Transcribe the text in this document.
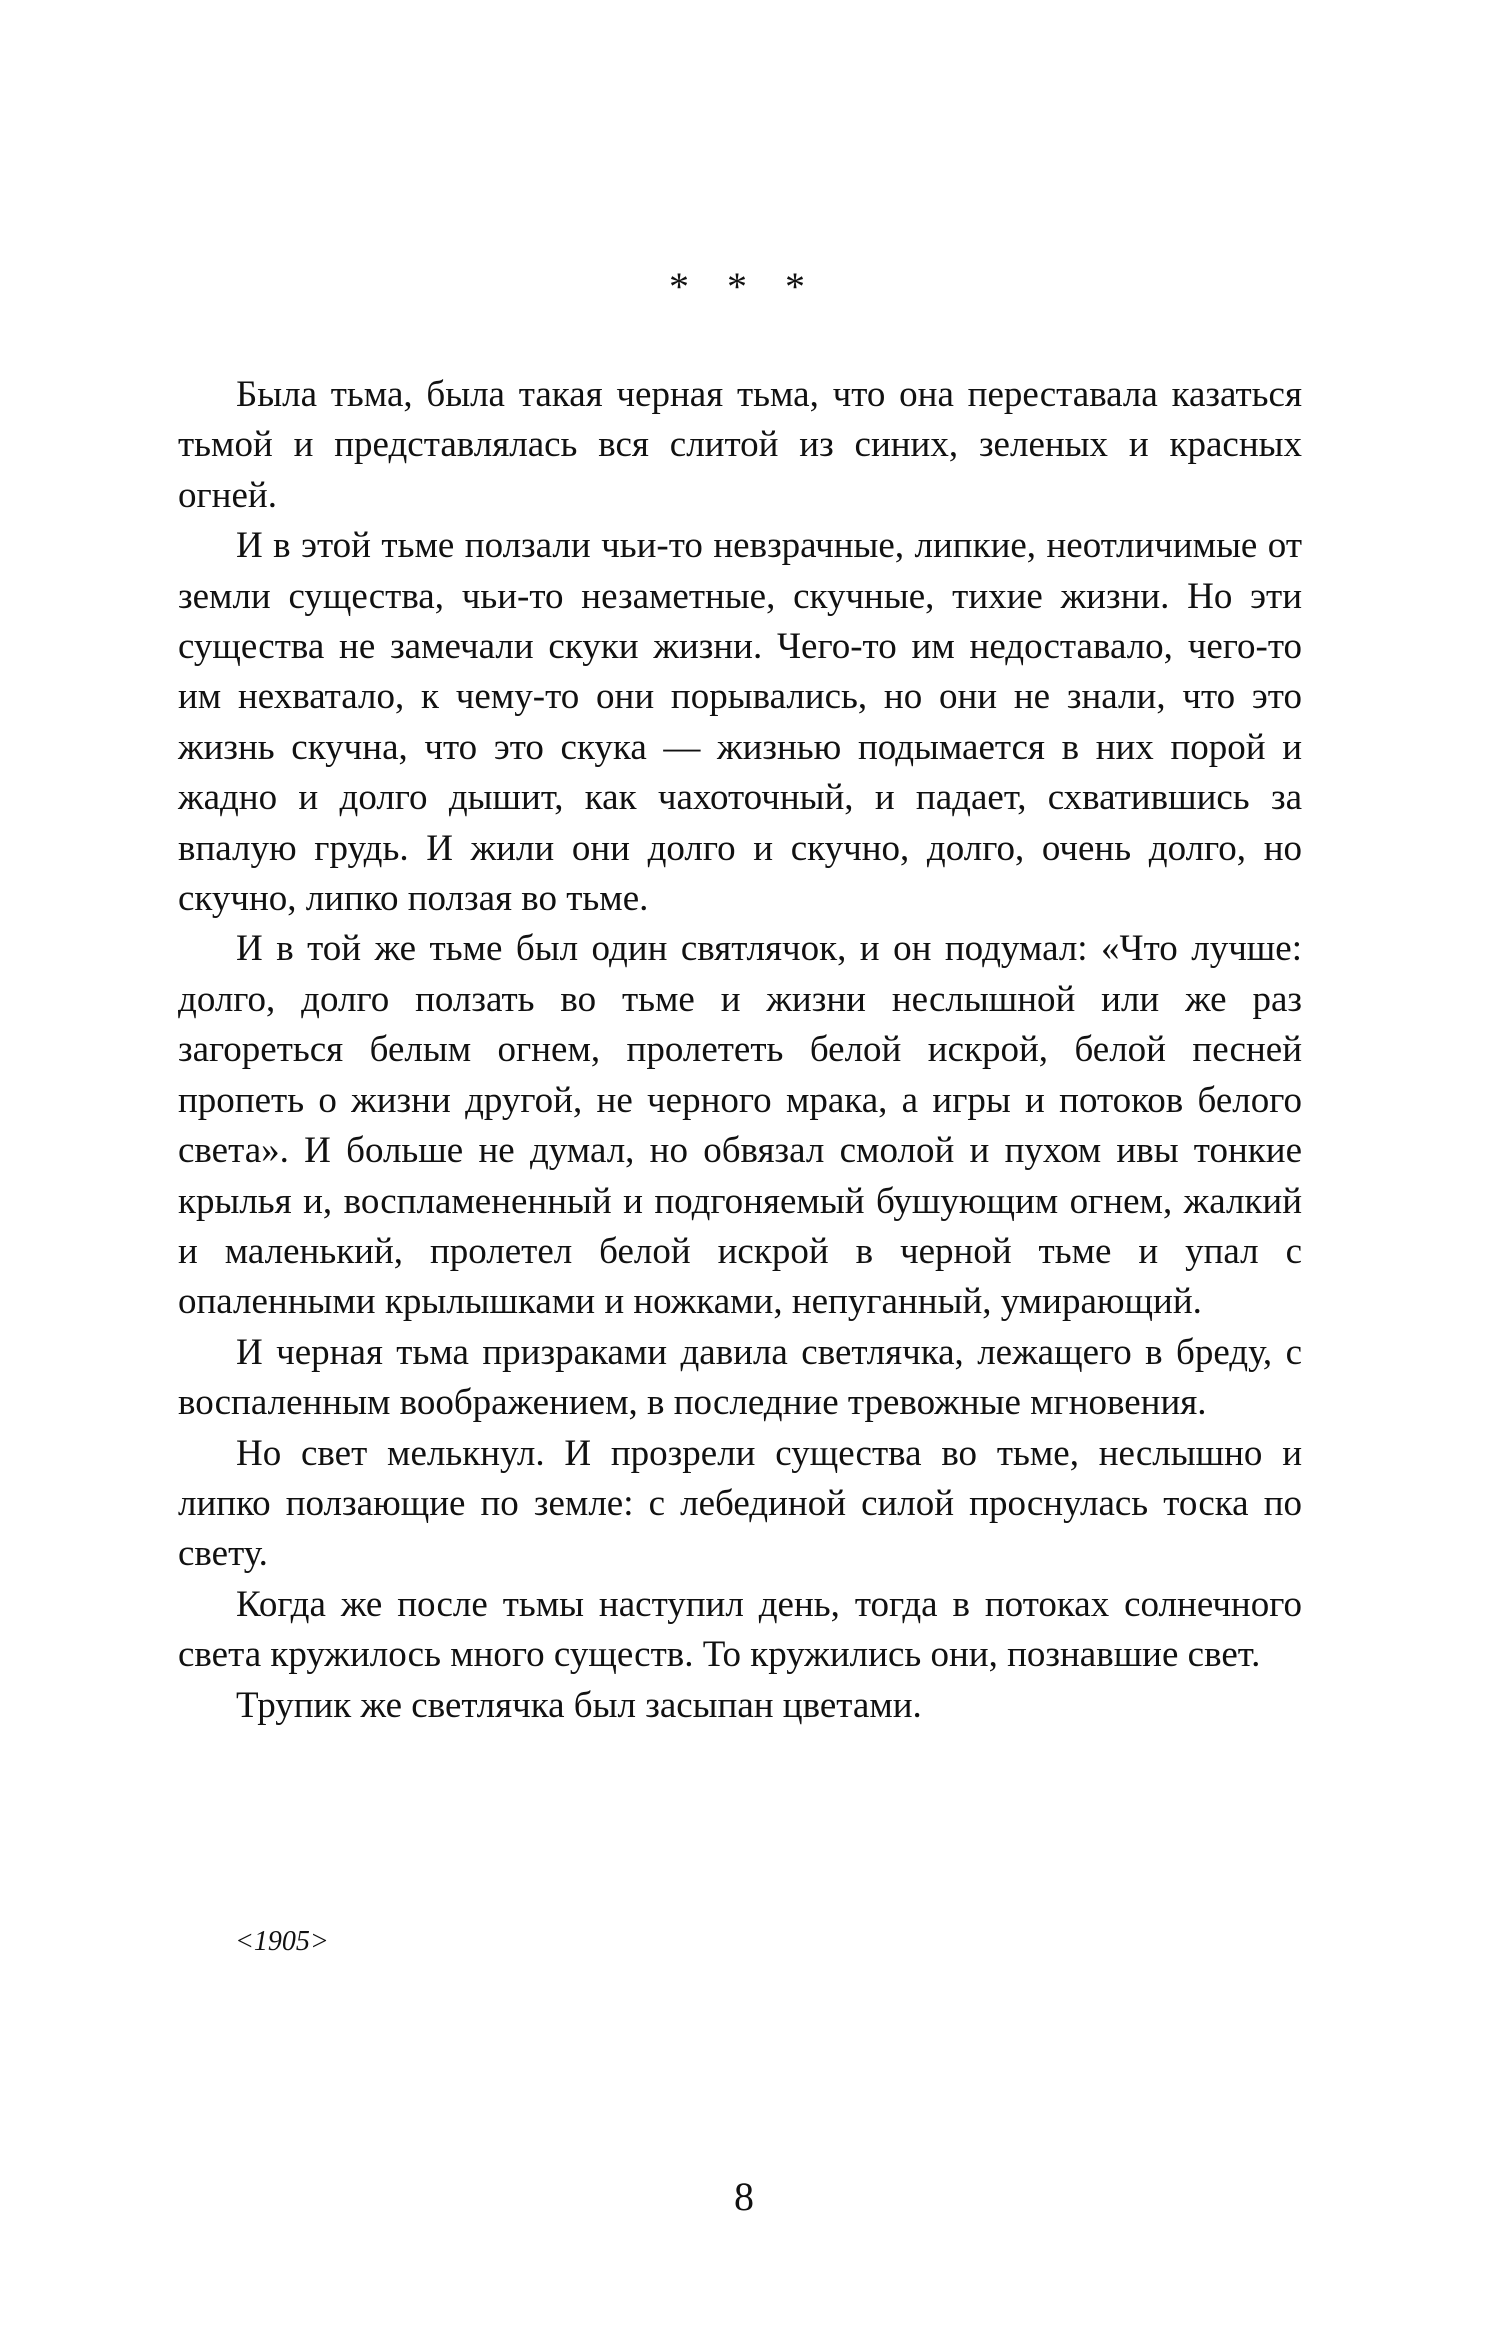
* * *

Была тьма, была такая черная тьма, что она переставала казаться тьмой и представлялась вся слитой из синих, зеленых и красных огней.

И в этой тьме ползали чьи-то невзрачные, липкие, неотличимые от земли существа, чьи-то незаметные, скучные, тихие жизни. Но эти существа не замечали скуки жизни. Чего-то им недоставало, чего-то им нехватало, к чему-то они порывались, но они не знали, что это жизнь скучна, что это скука — жизнью подымается в них порой и жадно и долго дышит, как чахоточный, и падает, схватившись за впалую грудь. И жили они долго и скучно, долго, очень долго, но скучно, липко ползая во тьме.

И в той же тьме был один святлячок, и он подумал: «Что лучше: долго, долго ползать во тьме и жизни неслышной или же раз загореться белым огнем, пролететь белой искрой, белой песней пропеть о жизни другой, не черного мрака, а игры и потоков белого света». И больше не думал, но обвязал смолой и пухом ивы тонкие крылья и, воспламененный и подгоняемый бушующим огнем, жалкий и маленький, пролетел белой искрой в черной тьме и упал с опаленными крылышками и ножками, непуганный, умирающий.

И черная тьма призраками давила светлячка, лежащего в бреду, с воспаленным воображением, в последние тревожные мгновения.

Но свет мелькнул. И прозрели существа во тьме, неслышно и липко ползающие по земле: с лебединой силой проснулась тоска по свету.

Когда же после тьмы наступил день, тогда в потоках солнечного света кружилось много существ. То кружились они, познавшие свет.

Трупик же светлячка был засыпан цветами.

<1905>
8
